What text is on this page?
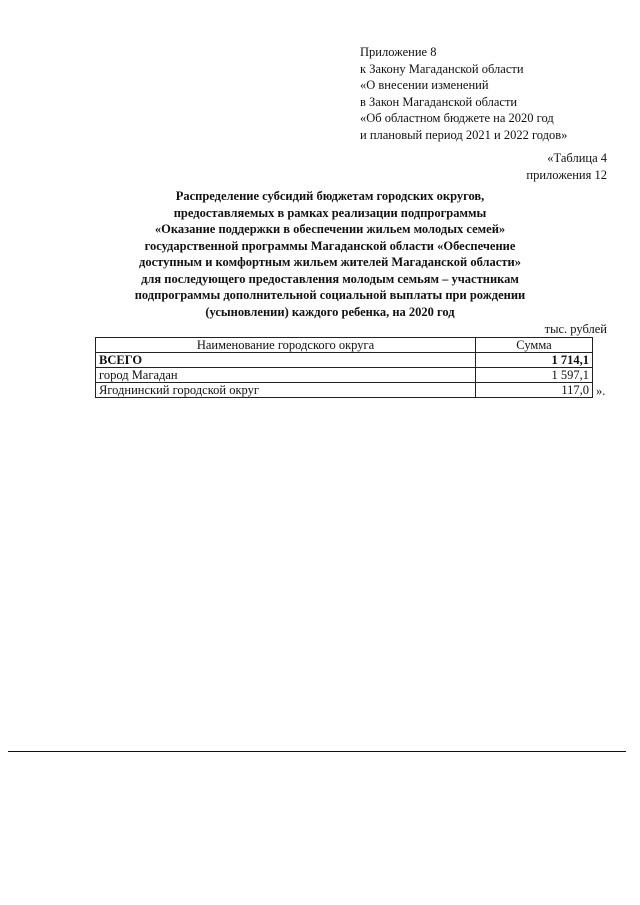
Приложение 8
к Закону Магаданской области
«О внесении изменений
в Закон Магаданской области
«Об областном бюджете на 2020 год
и плановый период 2021 и 2022 годов»
«Таблица 4
приложения 12
Распределение субсидий бюджетам городских округов,
предоставляемых в рамках реализации подпрограммы
«Оказание поддержки в обеспечении жильем молодых семей»
государственной программы Магаданской области «Обеспечение
доступным и комфортным жильем жителей Магаданской области»
для последующего предоставления молодым семьям – участникам
подпрограммы дополнительной социальной выплаты при рождении
(усыновлении) каждого ребенка, на 2020 год
тыс. рублей
Наименование городского округа	Сумма
ВСЕГО	1 714,1
город Магадан	1 597,1
Ягоднинский городской округ	117,0 ».
